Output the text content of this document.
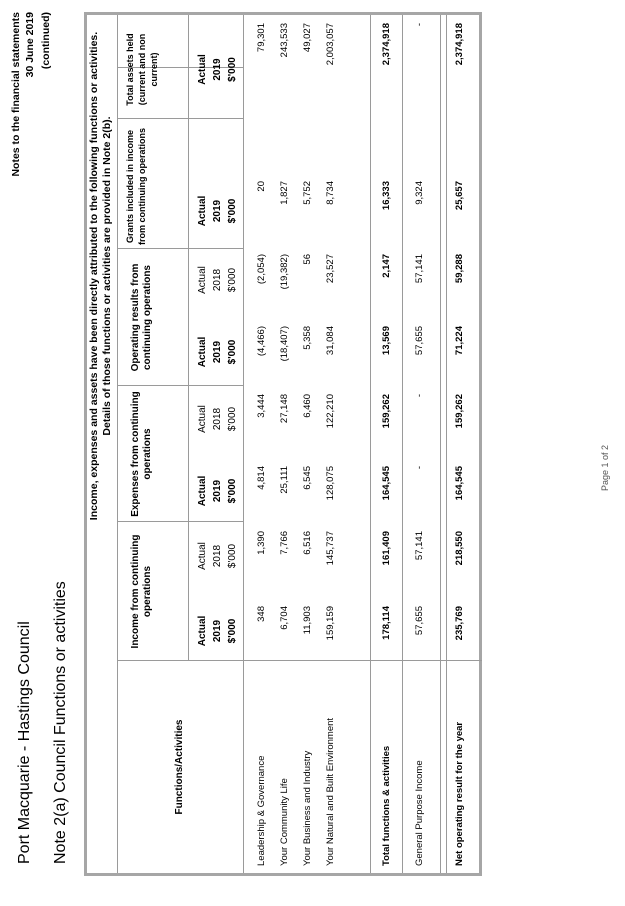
Port Macquarie - Hastings Council Note 2(a) Council Functions or activities
Notes to the financial statements 30 June 2019 (continued)	Income, expenses and assets have been directly attributed to the following functions or activities. Details of those functions or activities are provided in Note 2(b).
Page 1 of 2
Functions/Activities
Income from continuing operations
Expenses from continuing operations
Operating results from continuing operations
Grants included in income from continuing operations
Total assets held (current and non current)
Actual 2019 $'000
Actual 2018 $'000
Actual 2019 $'000
Actual 2018 $'000
Actual 2019 $'000
Actual 2018 $'000
Actual 2019 $'000
Actual 2019 $'000
Leadership & Governance
348
1,390
4,814
3,444
(4,466)
(2,054)
20
79,301
Your Community Life
6,704
7,766
25,111
27,148
(18,407)
(19,382)
1,827
243,533
Your Business and Industry
11,903
6,516
6,545
6,460
5,358
56
5,752
49,027
Your Natural and Built Environment
159,159
145,737
128,075
122,210
31,084
23,527
8,734
2,003,057
Total functions & activities
178,114
161,409
164,545
159,262
13,569
2,147
16,333
2,374,918
General Purpose Income
57,655
57,141
-
-
57,655
57,141
9,324
-
Net operating result for the year
235,769
218,550
164,545
159,262
71,224
59,288
25,657
2,374,918
